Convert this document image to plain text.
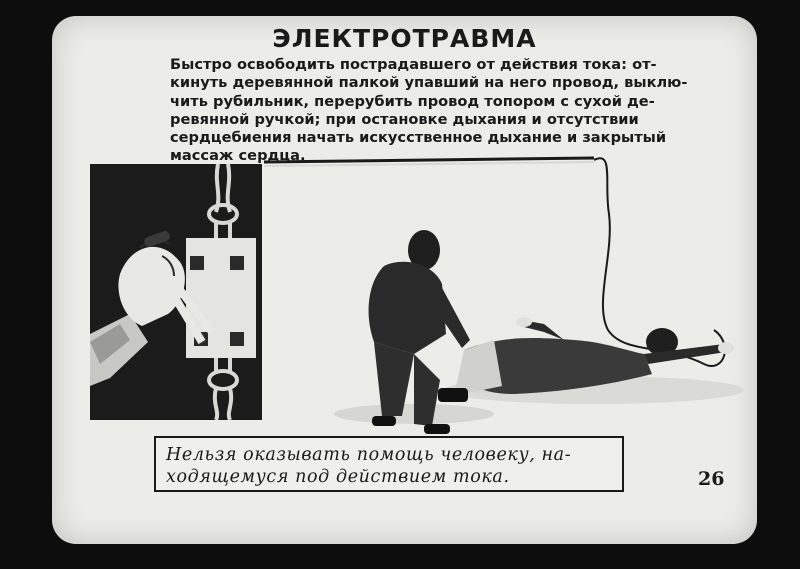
ЭЛЕКТРОТРАВМА
Быстро освободить пострадавшего от действия тока: от-
кинуть деревянной палкой упавший на него провод, выклю-
чить рубильник, перерубить провод топором с сухой де-
ревянной ручкой; при остановке дыхания и отсутствии
сердцебиения начать искусственное дыхание и закрытый
массаж сердца.
Нельзя оказывать помощь человеку, на-
ходящемуся под действием тока.	26
